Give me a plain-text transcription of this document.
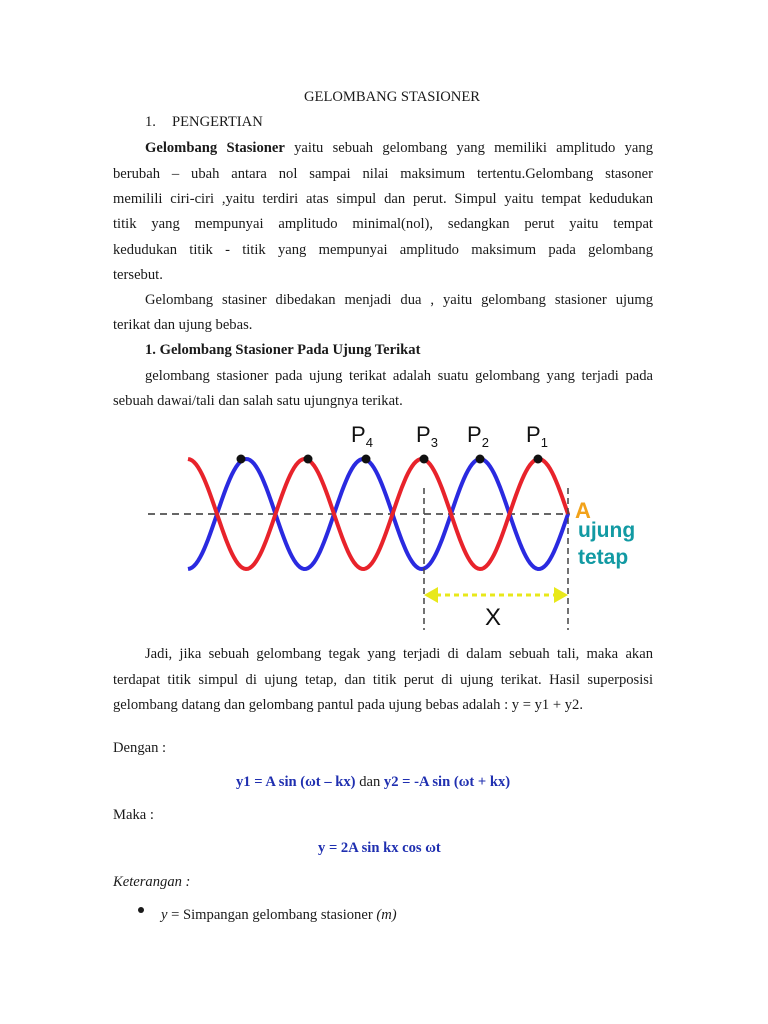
GELOMBANG STASIONER
1. PENGERTIAN
Gelombang Stasioner yaitu sebuah gelombang yang memiliki amplitudo yang
berubah – ubah antara nol sampai nilai maksimum tertentu.Gelombang stasoner
memilili ciri-ciri ,yaitu terdiri atas simpul dan perut. Simpul yaitu tempat kedudukan
titik yang mempunyai amplitudo minimal(nol), sedangkan perut yaitu tempat
kedudukan titik - titik yang mempunyai amplitudo maksimum pada gelombang
tersebut.
Gelombang stasiner dibedakan menjadi dua , yaitu gelombang stasioner ujumg
terikat dan ujung bebas.
1. Gelombang Stasioner Pada Ujung Terikat
gelombang stasioner pada ujung terikat adalah suatu gelombang yang terjadi pada
sebuah dawai/tali dan salah satu ujungnya terikat.
$P_4$ $P_3$ $P_2$ $P_1$
A
ujung
tetap
X
Jadi, jika sebuah gelombang tegak yang terjadi di dalam sebuah tali, maka akan
terdapat titik simpul di ujung tetap, dan titik perut di ujung terikat. Hasil superposisi
gelombang datang dan gelombang pantul pada ujung bebas adalah : y = y1 + y2.
Dengan :
y1 = A sin (ωt – kx) dan y2 = -A sin (ωt + kx)
Maka :
y = 2A sin kx cos ωt
Keterangan :
y = Simpangan gelombang stasioner (m)
